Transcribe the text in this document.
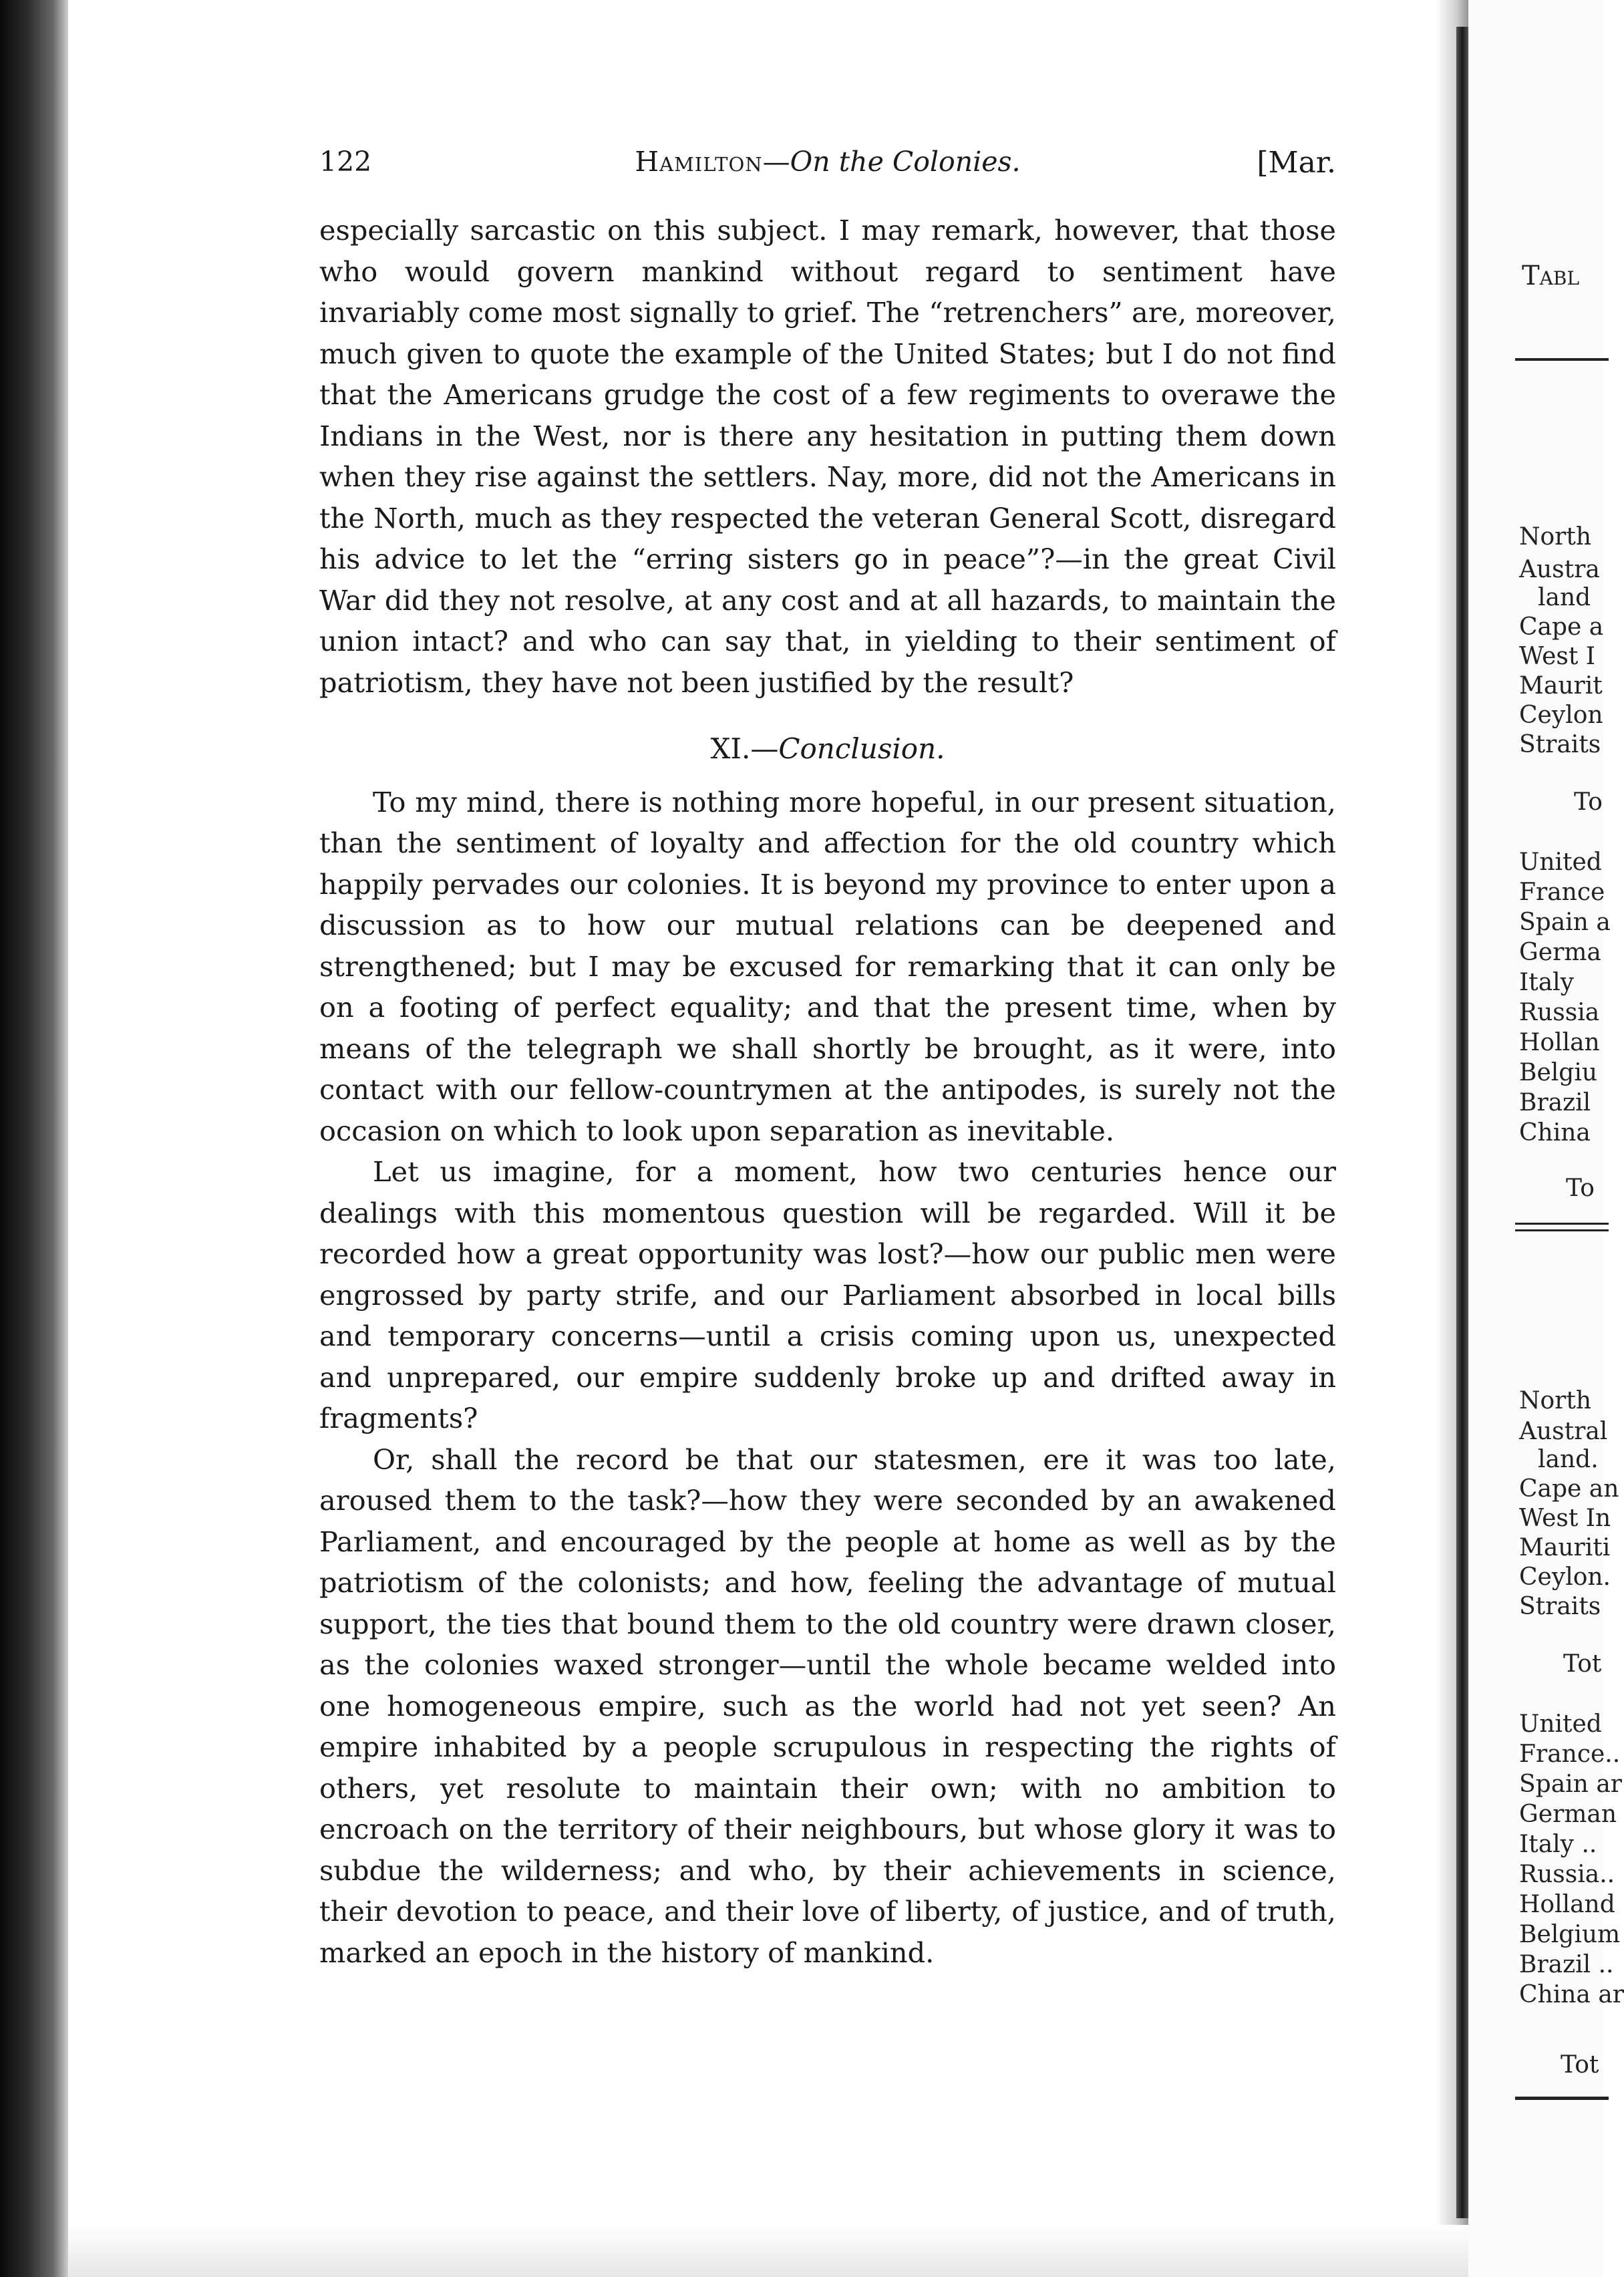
122	Hamilton—On the Colonies.	[Mar.

especially sarcastic on this subject. I may remark, however, that those who would govern mankind without regard to sentiment have invariably come most signally to grief. The “retrenchers” are, moreover, much given to quote the example of the United States; but I do not find that the Americans grudge the cost of a few regiments to overawe the Indians in the West, nor is there any hesitation in putting them down when they rise against the settlers. Nay, more, did not the Americans in the North, much as they respected the veteran General Scott, disregard his advice to let the “erring sisters go in peace”?—in the great Civil War did they not resolve, at any cost and at all hazards, to maintain the union intact? and who can say that, in yielding to their sentiment of patriotism, they have not been justified by the result?

XI.—Conclusion.

To my mind, there is nothing more hopeful, in our present situation, than the sentiment of loyalty and affection for the old country which happily pervades our colonies. It is beyond my province to enter upon a discussion as to how our mutual relations can be deepened and strengthened; but I may be excused for remarking that it can only be on a footing of perfect equality; and that the present time, when by means of the telegraph we shall shortly be brought, as it were, into contact with our fellow-countrymen at the antipodes, is surely not the occasion on which to look upon separation as inevitable.

Let us imagine, for a moment, how two centuries hence our dealings with this momentous question will be regarded. Will it be recorded how a great opportunity was lost?—how our public men were engrossed by party strife, and our Parliament absorbed in local bills and temporary concerns—until a crisis coming upon us, unexpected and unprepared, our empire suddenly broke up and drifted away in fragments?

Or, shall the record be that our statesmen, ere it was too late, aroused them to the task?—how they were seconded by an awakened Parliament, and encouraged by the people at home as well as by the patriotism of the colonists; and how, feeling the advantage of mutual support, the ties that bound them to the old country were drawn closer, as the colonies waxed stronger—until the whole became welded into one homogeneous empire, such as the world had not yet seen? An empire inhabited by a people scrupulous in respecting the rights of others, yet resolute to maintain their own; with no ambition to encroach on the territory of their neighbours, but whose glory it was to subdue the wilderness; and who, by their achievements in science, their devotion to peace, and their love of liberty, of justice, and of truth, marked an epoch in the history of mankind.

Tabl
North
Austra
land
Cape a
West I
Maurit
Ceylon
Straits
To
United
France
Spain a
Germa
Italy
Russia
Hollan
Belgiu
Brazil
China
To
North
Austral
land.
Cape an
West In
Mauriti
Ceylon.
Straits
Tot
United
France..
Spain ar
German
Italy ..
Russia..
Holland
Belgium
Brazil ..
China ar
Tot
